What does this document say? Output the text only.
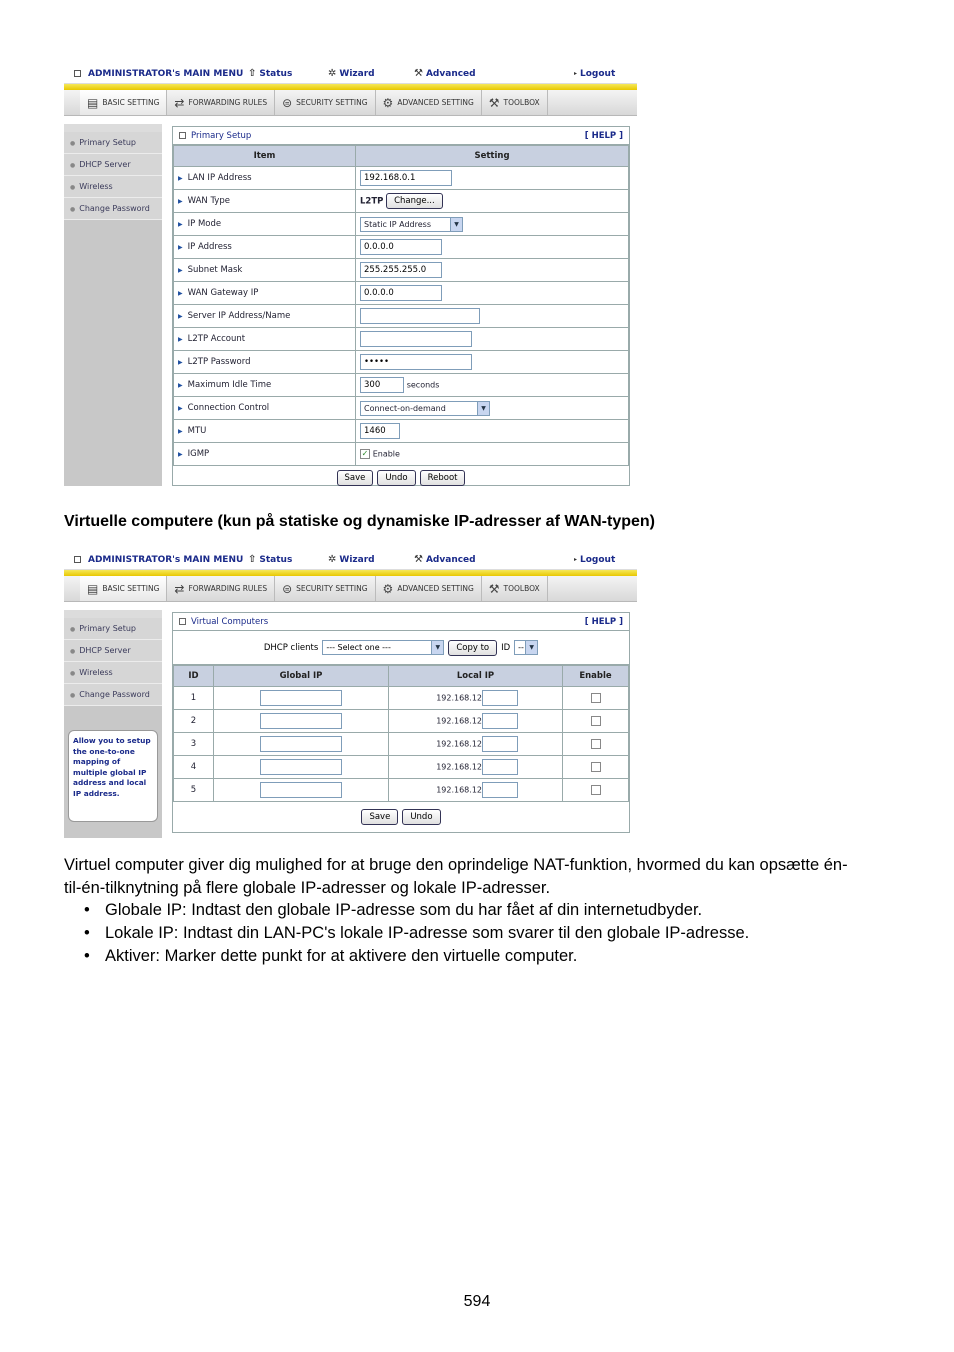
ADMINISTRATOR's MAIN MENU ⇧ Status	✲ Wizard	⚒ Advanced	▸ Logout
▤ BASIC SETTING ⇄ FORWARDING RULES ⊜ SECURITY SETTING ⚙ ADVANCED SETTING ⚒ TOOLBOX
● Primary Setup
● DHCP Server
● Wireless
● Change Password
Primary Setup	[ HELP ]
Item	Setting
▶ LAN IP Address	192.168.0.1
▶ WAN Type	L2TP Change...
▶ IP Mode	Static IP Address ▼

▶ IP Address	0.0.0.0
▶ Subnet Mask	255.255.255.0
▶ WAN Gateway IP	0.0.0.0
▶ Server IP Address/Name	
▶ L2TP Account	
▶ L2TP Password	•••••
▶ Maximum Idle Time	300 seconds
▶ Connection Control	Connect-on-demand ▼

▶ MTU	1460
▶ IGMP	✓ Enable
Save	Undo	Reboot
Virtuelle computere (kun på statiske og dynamiske IP-adresser af WAN-typen)
ADMINISTRATOR's MAIN MENU ⇧ Status	✲ Wizard	⚒ Advanced	▸ Logout
▤ BASIC SETTING ⇄ FORWARDING RULES ⊜ SECURITY SETTING ⚙ ADVANCED SETTING ⚒ TOOLBOX
● Primary Setup
● DHCP Server
● Wireless
● Change Password
Allow you to setup the one-to-one mapping of multiple global IP address and local IP address.
Virtual Computers	[ HELP ]
DHCP clients --- Select one ---	▼	Copy to	ID -- ▼
ID	Global IP	Local IP	Enable
1		192.168.12	
2		192.168.12	
3		192.168.12	
4		192.168.12	
5		192.168.12	
Save	Undo

Virtuel computer giver dig mulighed for at bruge den oprindelige NAT-funktion, hvormed du kan opsætte én-til-én-tilknytning på flere globale IP-adresser og lokale IP-adresser.

• Globale IP: Indtast den globale IP-adresse som du har fået af din internetudbyder.
• Lokale IP: Indtast din LAN-PC's lokale IP-adresse som svarer til den globale IP-adresse.
• Aktiver: Marker dette punkt for at aktivere den virtuelle computer.
594
